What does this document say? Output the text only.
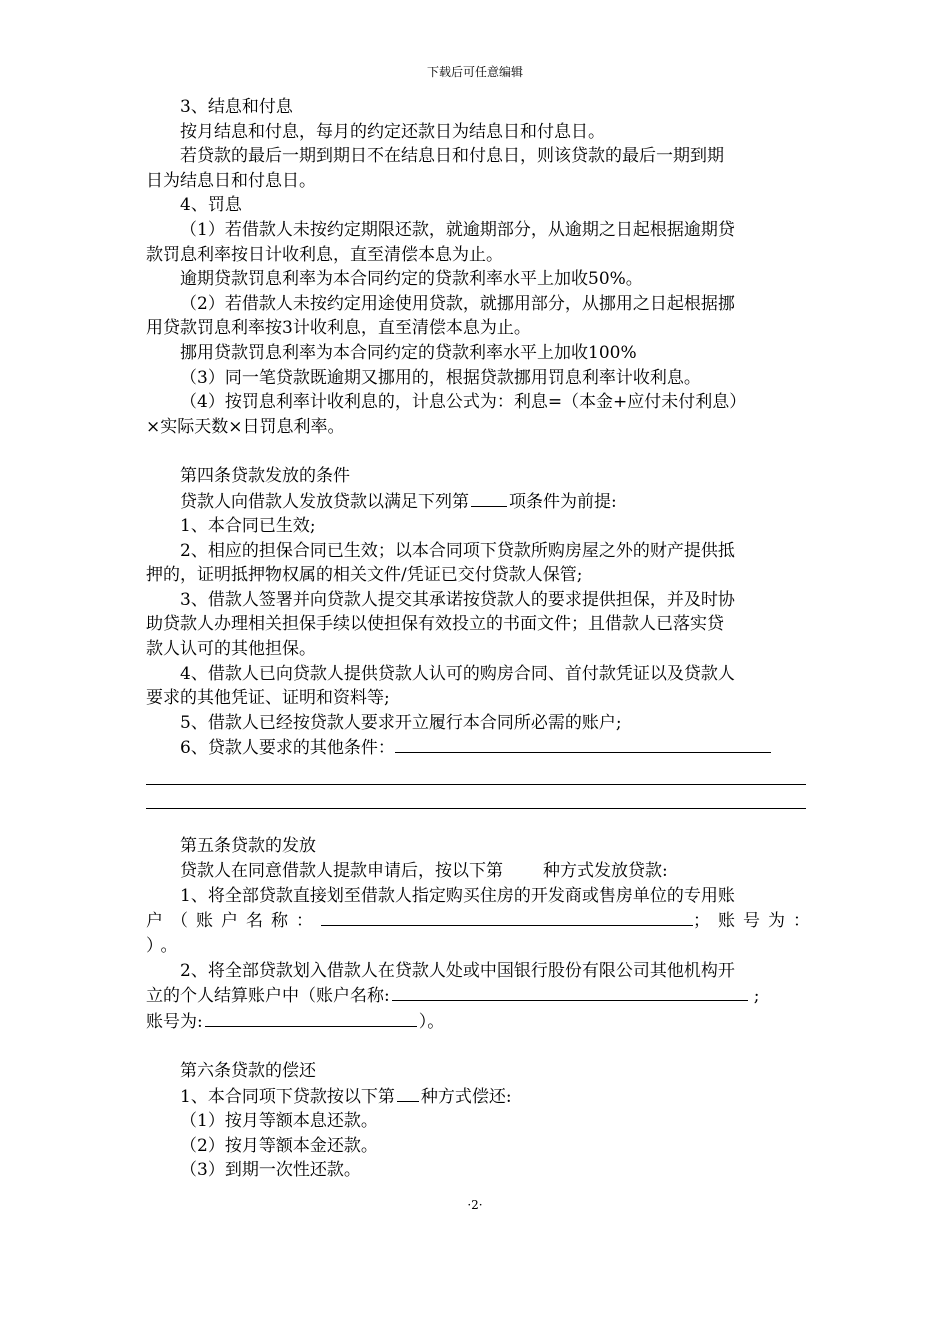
下载后可任意编辑

3、结息和付息

按月结息和付息，每月的约定还款日为结息日和付息日。

若贷款的最后一期到期日不在结息日和付息日，则该贷款的最后一期到期

日为结息日和付息日。

4、罚息

（1）若借款人未按约定期限还款，就逾期部分，从逾期之日起根据逾期贷

款罚息利率按日计收利息，直至清偿本息为止。

逾期贷款罚息利率为本合同约定的贷款利率水平上加收50%。

（2）若借款人未按约定用途使用贷款，就挪用部分，从挪用之日起根据挪

用贷款罚息利率按3计收利息，直至清偿本息为止。

挪用贷款罚息利率为本合同约定的贷款利率水平上加收100%

（3）同一笔贷款既逾期又挪用的，根据贷款挪用罚息利率计收利息。

（4）按罚息利率计收利息的，计息公式为：利息=（本金+应付未付利息）

×实际天数×日罚息利率。

第四条贷款发放的条件

贷款人向借款人发放贷款以满足下列第 项条件为前提:

1、本合同已生效;

2、相应的担保合同已生效；以本合同项下贷款所购房屋之外的财产提供抵

押的，证明抵押物权属的相关文件/凭证已交付贷款人保管;

3、借款人签署并向贷款人提交其承诺按贷款人的要求提供担保，并及时协

助贷款人办理相关担保手续以使担保有效投立的书面文件；且借款人已落实贷

款人认可的其他担保。

4、借款人已向贷款人提供贷款人认可的购房合同、首付款凭证以及贷款人

要求的其他凭证、证明和资料等;

5、借款人已经按贷款人要求开立履行本合同所必需的账户;

6、贷款人要求的其他条件：

第五条贷款的发放

贷款人在同意借款人提款申请后，按以下第 种方式发放贷款:

1、将全部贷款直接划至借款人指定购买住房的开发商或售房单位的专用账

户（账户名称：	；账号为：

）。

2、将全部贷款划入借款人在贷款人处或中国银行股份有限公司其他机构开

立的个人结算账户中（账户名称:	;

账号为:	）。

第六条贷款的偿还

1、本合同项下贷款按以下第 种方式偿还:

（1）按月等额本息还款。

（2）按月等额本金还款。

（3）到期一次性还款。

·2·
